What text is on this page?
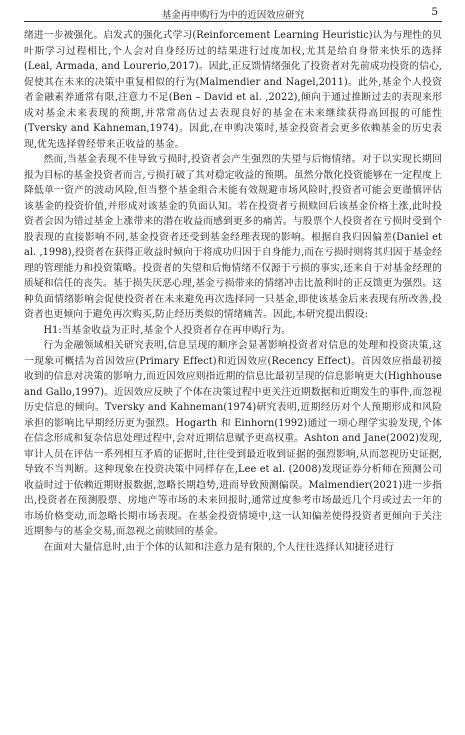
基金再申购行为中的近因效应研究	5

绪进一步被强化。启发式的强化式学习(Reinforcement Learning Heuristic)认为与理性的贝叶斯学习过程相比,个人会对自身经历过的结果进行过度加权,尤其是给自身带来快乐的选择(Leal, Armada, and Lourerio,2017)。因此,正反馈情绪强化了投资者对先前成功投资的信心,促使其在未来的决策中重复相似的行为(Malmendier and Nagel,2011)。此外,基金个人投资者金融素养通常有限,注意力不足(Ben – David et al. ,2022),倾向于通过推断过去的表现来形成对基金未来表现的预期,并常常高估过去表现良好的基金在未来继续获得高回报的可能性(Tversky and Kahneman,1974)。因此,在申购决策时,基金投资者会更多依赖基金的历史表现,优先选择曾经带来正收益的基金。

然而,当基金表现不佳导致亏损时,投资者会产生强烈的失望与后悔情绪。对于以实现长期回报为目标的基金投资者而言,亏损打破了其对稳定收益的预期。虽然分散化投资能够在一定程度上降低单一资产的波动风险,但当整个基金组合未能有效规避市场风险时,投资者可能会更谨慎评估该基金的投资价值,并形成对该基金的负面认知。若在投资者亏损赎回后该基金价格上涨,此时投资者会因为错过基金上涨带来的潜在收益而感到更多的痛苦。与股票个人投资者在亏损时受到个股表现的直接影响不同,基金投资者还受到基金经理表现的影响。根据自我归因偏差(Daniel et al. ,1998),投资者在获得正收益时倾向于将成功归因于自身能力,而在亏损时则将其归因于基金经理的管理能力和投资策略。投资者的失望和后悔情绪不仅源于亏损的事实,还来自于对基金经理的质疑和信任的丧失。基于损失厌恶心理,基金亏损带来的情绪冲击比盈利时的正反馈更为强烈。这种负面情绪影响会促使投资者在未来避免再次选择同一只基金,即使该基金后来表现有所改善,投资者也更倾向于避免再次购买,防止经历类似的情绪痛苦。因此,本研究提出假设:

H1:当基金收益为正时,基金个人投资者存在再申购行为。

行为金融领域相关研究表明,信息呈现的顺序会显著影响投资者对信息的处理和投资决策,这一现象可概括为首因效应(Primary Effect)和近因效应(Recency Effect)。首因效应指最初接收到的信息对决策的影响力,而近因效应则指近期的信息比最初呈现的信息影响更大(Highhouse and Gallo,1997)。近因效应反映了个体在决策过程中更关注近期数据和近期发生的事件,而忽视历史信息的倾向。Tversky and Kahneman(1974)研究表明,近期经历对个人预期形成和风险承担的影响比早期经历更为强烈。Hogarth 和 Einhorn(1992)通过一项心理学实验发现,个体在信念形成和复杂信息处理过程中,会对近期信息赋予更高权重。Ashton and Jane(2002)发现,审计人员在评估一系列相互矛盾的证据时,往往受到最近收到证据的强烈影响,从而忽视历史证据,导致不当判断。这种现象在投资决策中同样存在,Lee et al. (2008)发现证券分析师在预测公司收益时过于依赖近期财报数据,忽略长期趋势,进而导致预测偏误。Malmendier(2021)进一步指出,投资者在预测股票、房地产等市场的未来回报时,通常过度参考市场最近几个月或过去一年的市场价格变动,而忽略长期市场表现。在基金投资情境中,这一认知偏差使得投资者更倾向于关注近期参与的基金交易,而忽视之前赎回的基金。

在面对大量信息时,由于个体的认知和注意力是有限的,个人往往选择认知捷径进行
